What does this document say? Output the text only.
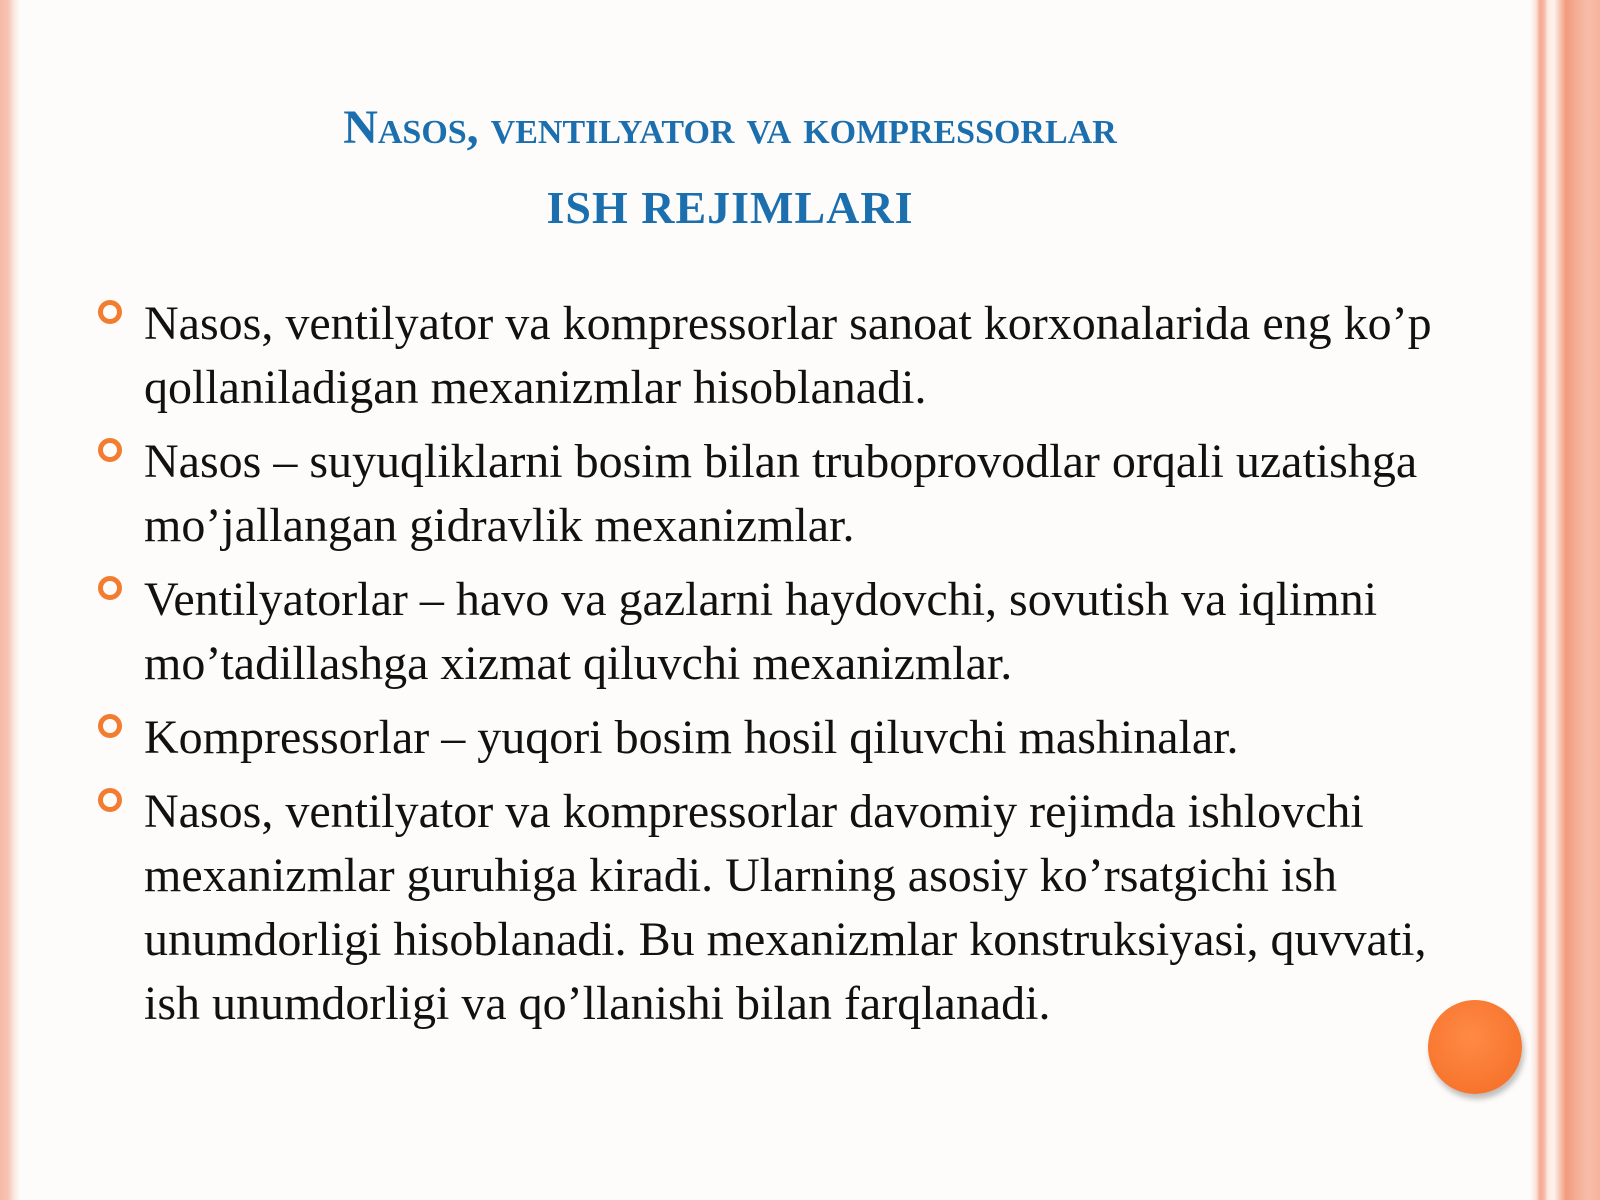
Nasos, ventilyator va kompressorlar
ISH REJIMLARI
Nasos, ventilyator va kompressorlar sanoat korxonalarida eng ko’p qollaniladigan mexanizmlar hisoblanadi.
Nasos – suyuqliklarni bosim bilan truboprovodlar orqali uzatishga mo’jallangan gidravlik mexanizmlar.
Ventilyatorlar – havo va gazlarni haydovchi, sovutish va iqlimni mo’tadillashga xizmat qiluvchi mexanizmlar.
Kompressorlar – yuqori bosim hosil qiluvchi mashinalar.
Nasos, ventilyator va kompressorlar davomiy rejimda ishlovchi mexanizmlar guruhiga kiradi. Ularning asosiy ko’rsatgichi ish unumdorligi hisoblanadi. Bu mexanizmlar konstruksiyasi, quvvati, ish unumdorligi va qo’llanishi bilan farqlanadi.
